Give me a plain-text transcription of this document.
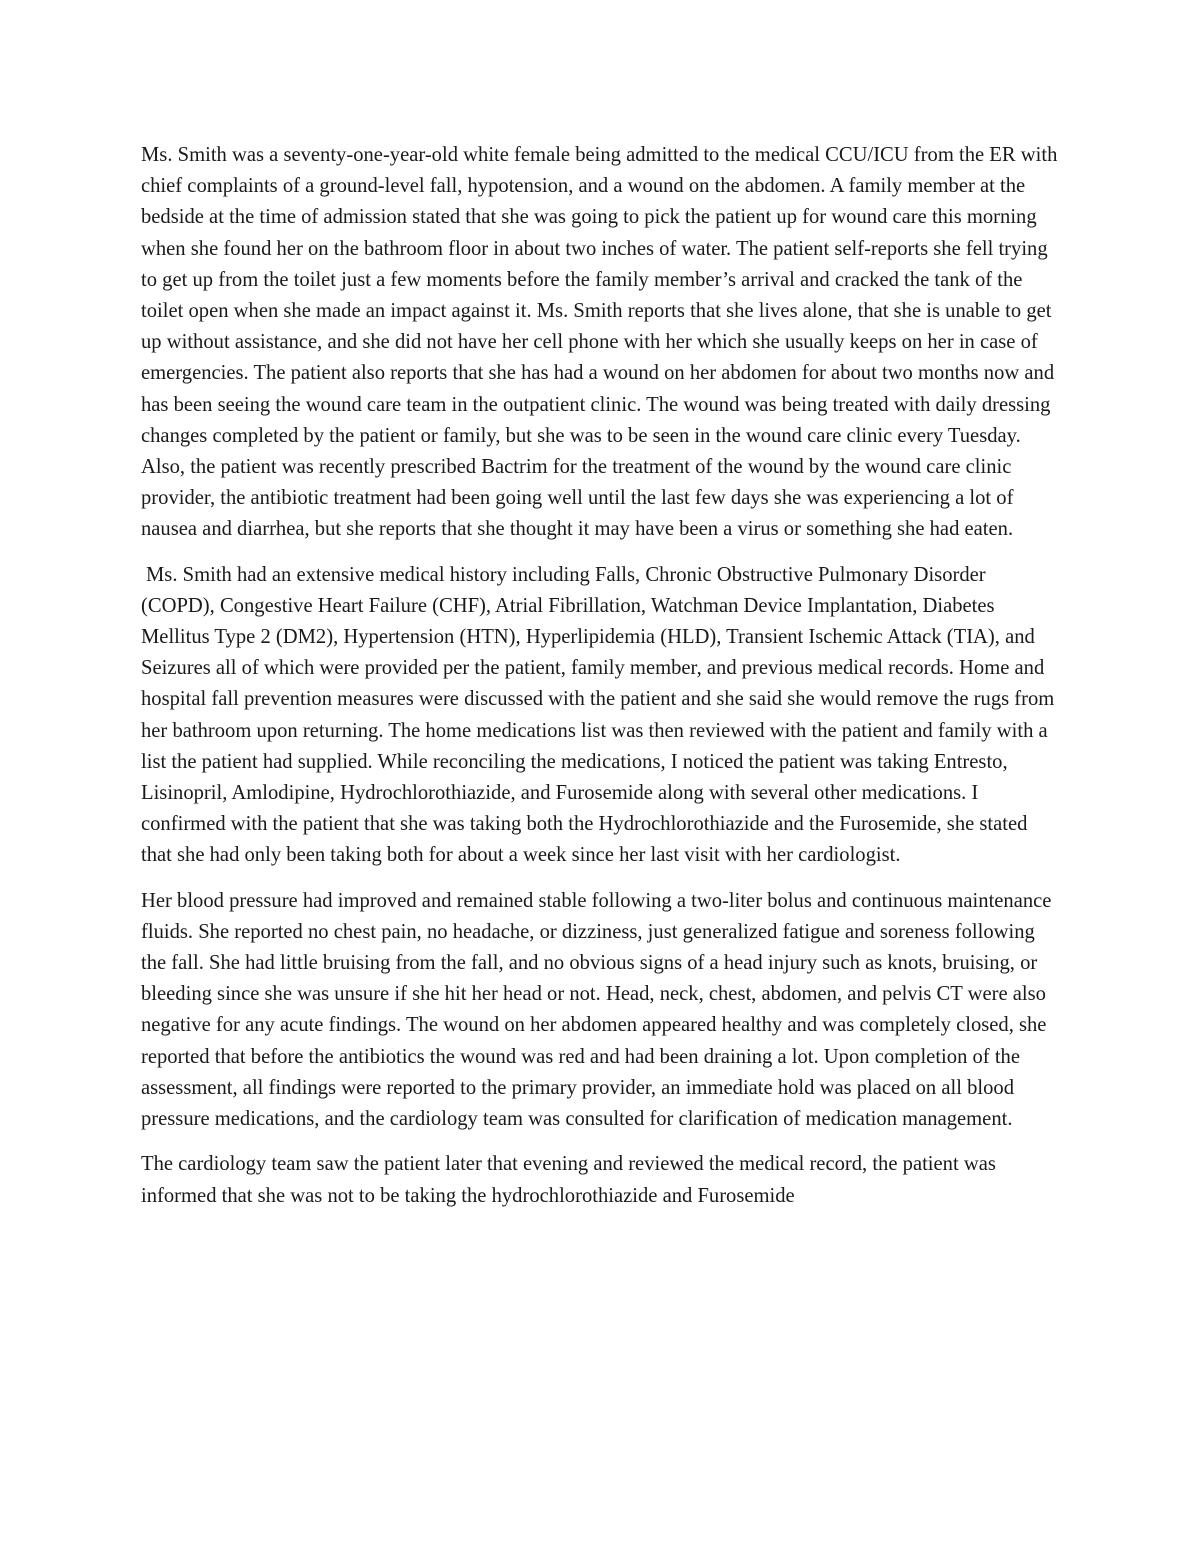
Ms. Smith was a seventy-one-year-old white female being admitted to the medical CCU/ICU from the ER with chief complaints of a ground-level fall, hypotension, and a wound on the abdomen. A family member at the bedside at the time of admission stated that she was going to pick the patient up for wound care this morning when she found her on the bathroom floor in about two inches of water. The patient self-reports she fell trying to get up from the toilet just a few moments before the family member’s arrival and cracked the tank of the toilet open when she made an impact against it. Ms. Smith reports that she lives alone, that she is unable to get up without assistance, and she did not have her cell phone with her which she usually keeps on her in case of emergencies. The patient also reports that she has had a wound on her abdomen for about two months now and has been seeing the wound care team in the outpatient clinic. The wound was being treated with daily dressing changes completed by the patient or family, but she was to be seen in the wound care clinic every Tuesday. Also, the patient was recently prescribed Bactrim for the treatment of the wound by the wound care clinic provider, the antibiotic treatment had been going well until the last few days she was experiencing a lot of nausea and diarrhea, but she reports that she thought it may have been a virus or something she had eaten.

Ms. Smith had an extensive medical history including Falls, Chronic Obstructive Pulmonary Disorder (COPD), Congestive Heart Failure (CHF), Atrial Fibrillation, Watchman Device Implantation, Diabetes Mellitus Type 2 (DM2), Hypertension (HTN), Hyperlipidemia (HLD), Transient Ischemic Attack (TIA), and Seizures all of which were provided per the patient, family member, and previous medical records. Home and hospital fall prevention measures were discussed with the patient and she said she would remove the rugs from her bathroom upon returning. The home medications list was then reviewed with the patient and family with a list the patient had supplied. While reconciling the medications, I noticed the patient was taking Entresto, Lisinopril, Amlodipine, Hydrochlorothiazide, and Furosemide along with several other medications. I confirmed with the patient that she was taking both the Hydrochlorothiazide and the Furosemide, she stated that she had only been taking both for about a week since her last visit with her cardiologist.

Her blood pressure had improved and remained stable following a two-liter bolus and continuous maintenance fluids. She reported no chest pain, no headache, or dizziness, just generalized fatigue and soreness following the fall. She had little bruising from the fall, and no obvious signs of a head injury such as knots, bruising, or bleeding since she was unsure if she hit her head or not. Head, neck, chest, abdomen, and pelvis CT were also negative for any acute findings. The wound on her abdomen appeared healthy and was completely closed, she reported that before the antibiotics the wound was red and had been draining a lot. Upon completion of the assessment, all findings were reported to the primary provider, an immediate hold was placed on all blood pressure medications, and the cardiology team was consulted for clarification of medication management.

The cardiology team saw the patient later that evening and reviewed the medical record, the patient was informed that she was not to be taking the hydrochlorothiazide and Furosemide
